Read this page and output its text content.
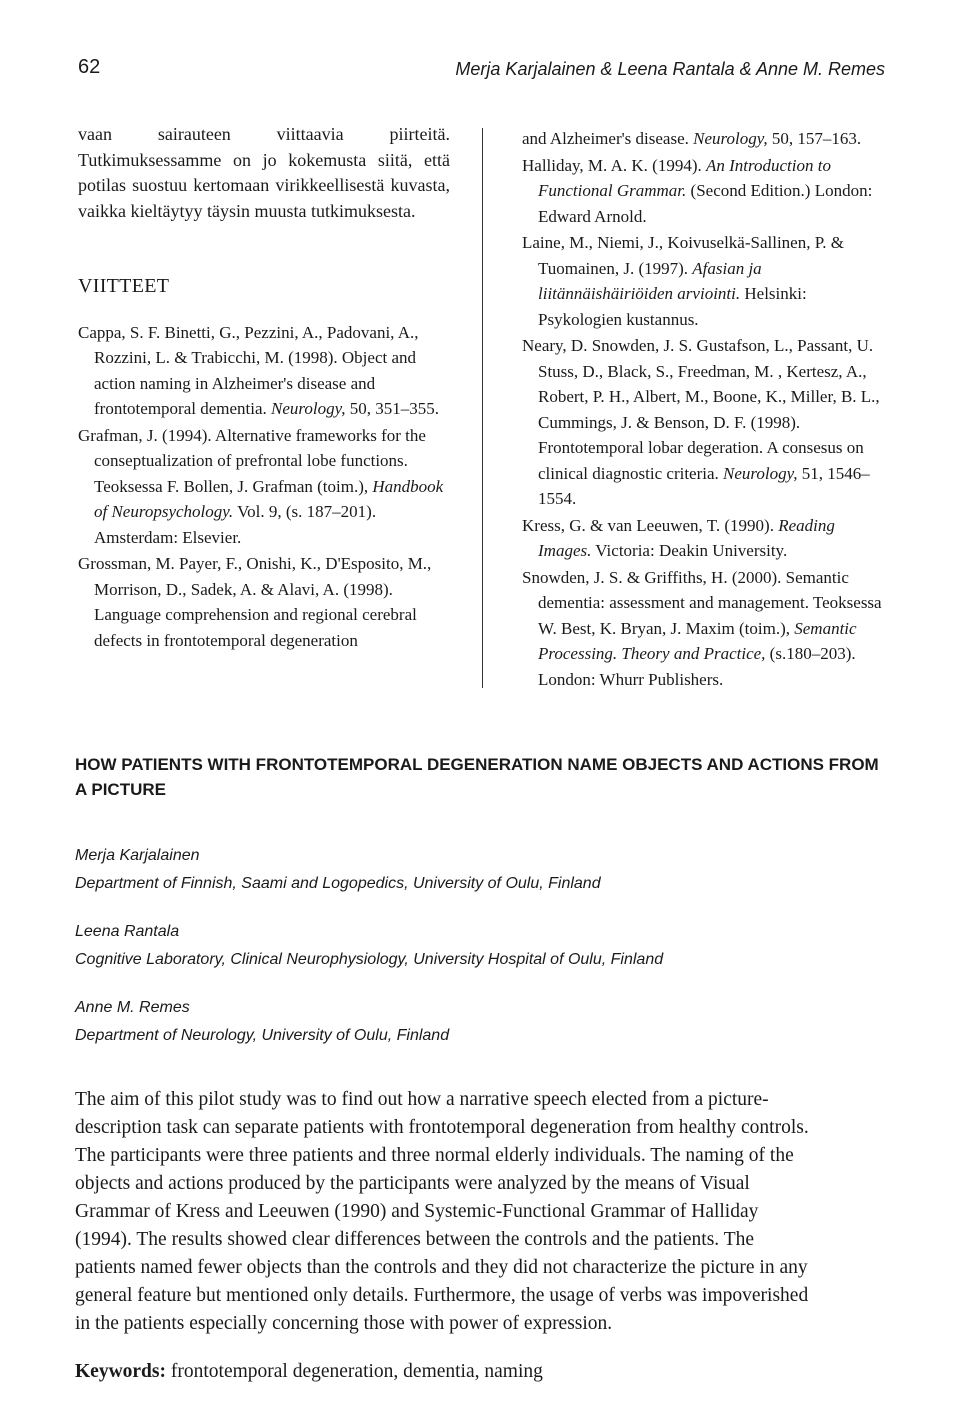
62	Merja Karjalainen & Leena Rantala & Anne M. Remes

vaan sairauteen viittaavia piirteitä. Tutkimuksessamme on jo kokemusta siitä, että potilas suostuu kertomaan virikkeellisestä kuvasta, vaikka kieltäytyy täysin muusta tutkimuksesta.

VIITTEET

Cappa, S. F. Binetti, G., Pezzini, A., Padovani, A., Rozzini, L. & Trabicchi, M. (1998). Object and action naming in Alzheimer's disease and frontotemporal dementia. Neurology, 50, 351–355.

Grafman, J. (1994). Alternative frameworks for the conseptualization of prefrontal lobe functions. Teoksessa F. Bollen, J. Grafman (toim.), Handbook of Neuropsychology. Vol. 9, (s. 187–201). Amsterdam: Elsevier.

Grossman, M. Payer, F., Onishi, K., D'Esposito, M., Morrison, D., Sadek, A. & Alavi, A. (1998). Language comprehension and regional cerebral defects in frontotemporal degeneration

and Alzheimer's disease. Neurology, 50, 157–163.

Halliday, M. A. K. (1994). An Introduction to Functional Grammar. (Second Edition.) London: Edward Arnold.

Laine, M., Niemi, J., Koivuselkä-Sallinen, P. & Tuomainen, J. (1997). Afasian ja liitännäishäiriöiden arviointi. Helsinki: Psykologien kustannus.

Neary, D. Snowden, J. S. Gustafson, L., Passant, U. Stuss, D., Black, S., Freedman, M. , Kertesz, A., Robert, P. H., Albert, M., Boone, K., Miller, B. L., Cummings, J. & Benson, D. F. (1998). Frontotemporal lobar degeration. A consesus on clinical diagnostic criteria. Neurology, 51, 1546–1554.

Kress, G. & van Leeuwen, T. (1990). Reading Images. Victoria: Deakin University.

Snowden, J. S. & Griffiths, H. (2000). Semantic dementia: assessment and management. Teoksessa W. Best, K. Bryan, J. Maxim (toim.), Semantic Processing. Theory and Practice, (s.180–203). London: Whurr Publishers.

HOW PATIENTS WITH FRONTOTEMPORAL DEGENERATION NAME OBJECTS AND ACTIONS FROM A PICTURE
Merja Karjalainen
Department of Finnish, Saami and Logopedics, University of Oulu, Finland
Leena Rantala
Cognitive Laboratory, Clinical Neurophysiology, University Hospital of Oulu, Finland
Anne M. Remes
Department of Neurology, University of Oulu, Finland

The aim of this pilot study was to find out how a narrative speech elected from a picture-description task can separate patients with frontotemporal degeneration from healthy controls. The participants were three patients and three normal elderly individuals. The naming of the objects and actions produced by the participants were analyzed by the means of Visual Grammar of Kress and Leeuwen (1990) and Systemic-Functional Grammar of Halliday (1994). The results showed clear differences between the controls and the patients. The patients named fewer objects than the controls and they did not characterize the picture in any general feature but mentioned only details. Furthermore, the usage of verbs was impoverished in the patients especially concerning those with power of expression.

Keywords: frontotemporal degeneration, dementia, naming
